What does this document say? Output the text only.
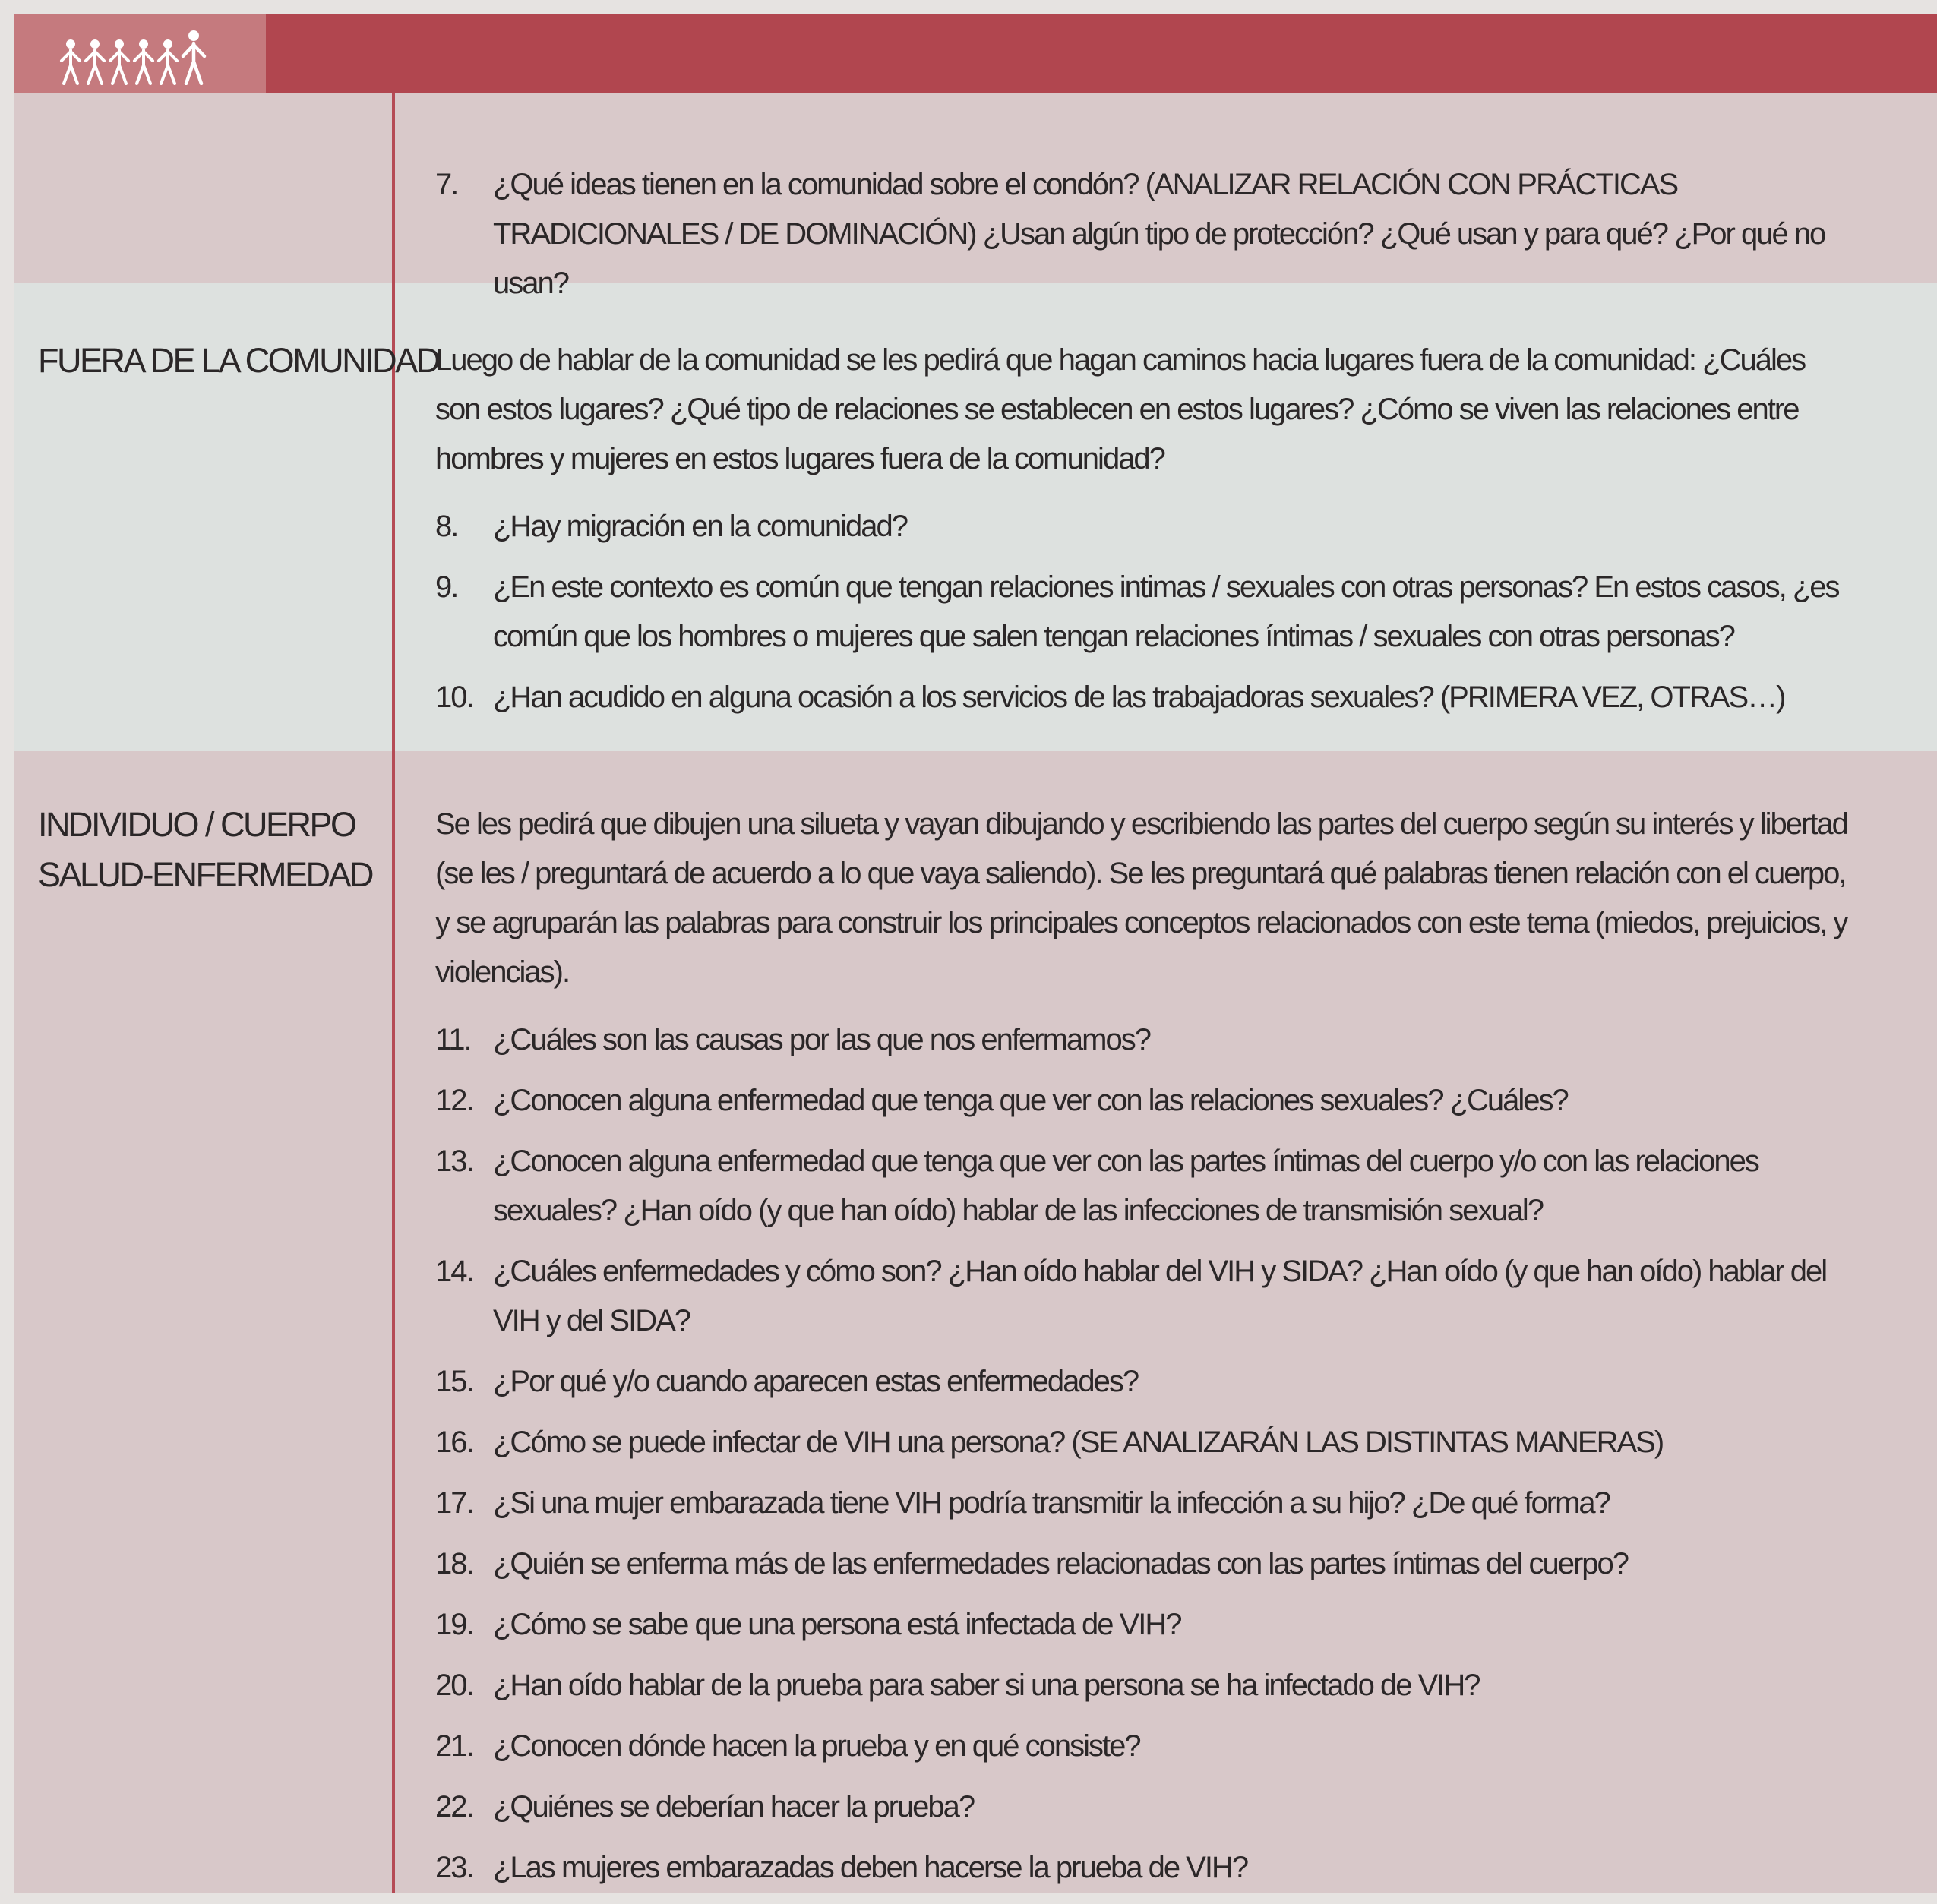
7. ¿Qué ideas tienen en la comunidad sobre el condón? (ANALIZAR RELACIÓN CON PRÁCTICAS TRADICIONALES / DE DOMINACIÓN) ¿Usan algún tipo de protección? ¿Qué usan y para qué? ¿Por qué no usan?
FUERA DE LA COMUNIDAD

Luego de hablar de la comunidad se les pedirá que hagan caminos hacia lugares fuera de la comunidad: ¿Cuáles son estos lugares? ¿Qué tipo de relaciones se establecen en estos lugares? ¿Cómo se viven las relaciones entre hombres y mujeres en estos lugares fuera de la comunidad?

8. ¿Hay migración en la comunidad?
9. ¿En este contexto es común que tengan relaciones intimas / sexuales con otras personas? En estos casos, ¿es común que los hombres o mujeres que salen tengan relaciones íntimas / sexuales con otras personas?
10. ¿Han acudido en alguna ocasión a los servicios de las trabajadoras sexuales? (PRIMERA VEZ, OTRAS…)
INDIVIDUO / CUERPO
SALUD-ENFERMEDAD

Se les pedirá que dibujen una silueta y vayan dibujando y escribiendo las partes del cuerpo según su interés y libertad (se les / preguntará de acuerdo a lo que vaya saliendo). Se les preguntará qué palabras tienen relación con el cuerpo, y se agruparán las palabras para construir los principales conceptos relacionados con este tema (miedos, prejuicios, y violencias).

11. ¿Cuáles son las causas por las que nos enfermamos?
12. ¿Conocen alguna enfermedad que tenga que ver con las relaciones sexuales? ¿Cuáles?
13. ¿Conocen alguna enfermedad que tenga que ver con las partes íntimas del cuerpo y/o con las relaciones sexuales? ¿Han oído (y que han oído) hablar de las infecciones de transmisión sexual?
14. ¿Cuáles enfermedades y cómo son? ¿Han oído hablar del VIH y SIDA? ¿Han oído (y que han oído) hablar del VIH y del SIDA?
15. ¿Por qué y/o cuando aparecen estas enfermedades?
16. ¿Cómo se puede infectar de VIH una persona? (SE ANALIZARÁN LAS DISTINTAS MANERAS)
17. ¿Si una mujer embarazada tiene VIH podría transmitir la infección a su hijo? ¿De qué forma?
18. ¿Quién se enferma más de las enfermedades relacionadas con las partes íntimas del cuerpo?
19. ¿Cómo se sabe que una persona está infectada de VIH?
20. ¿Han oído hablar de la prueba para saber si una persona se ha infectado de VIH?
21. ¿Conocen dónde hacen la prueba y en qué consiste?
22. ¿Quiénes se deberían hacer la prueba?
23. ¿Las mujeres embarazadas deben hacerse la prueba de VIH?
